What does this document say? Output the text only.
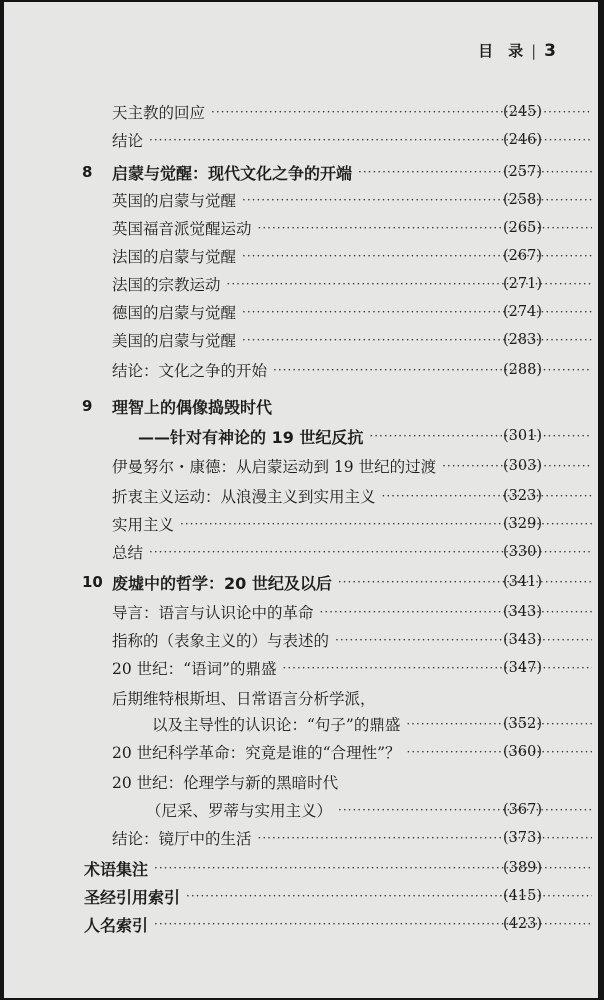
目　录 | 3
天主教的回应 ·····	(245)
结论 ·····	(246)
8 启蒙与觉醒：现代文化之争的开端 ·····	(257)
英国的启蒙与觉醒 ·····	(258)
英国福音派觉醒运动 ·····	(265)
法国的启蒙与觉醒 ·····	(267)
法国的宗教运动 ·····	(271)
德国的启蒙与觉醒 ·····	(274)
美国的启蒙与觉醒 ·····	(283)
结论：文化之争的开始 ·····	(288)
9 理智上的偶像捣毁时代
——针对有神论的 19 世纪反抗 ·····	(301)
伊曼努尔・康德：从启蒙运动到 19 世纪的过渡 ·····	(303)
折衷主义运动：从浪漫主义到实用主义 ·····	(323)
实用主义 ·····	(329)
总结 ·····	(330)
10 废墟中的哲学：20 世纪及以后 ·····	(341)
导言：语言与认识论中的革命 ·····	(343)
指称的（表象主义的）与表述的 ·····	(343)
20 世纪：“语词”的鼎盛 ·····	(347)
后期维特根斯坦、日常语言分析学派，
以及主导性的认识论：“句子”的鼎盛 ·····	(352)
20 世纪科学革命：究竟是谁的“合理性”？ ·····	(360)
20 世纪：伦理学与新的黑暗时代
（尼采、罗蒂与实用主义） ·····	(367)
结论：镜厅中的生活 ·····	(373)
术语集注 ·····	(389)
圣经引用索引 ·····	(415)
人名索引 ·····	(423)
